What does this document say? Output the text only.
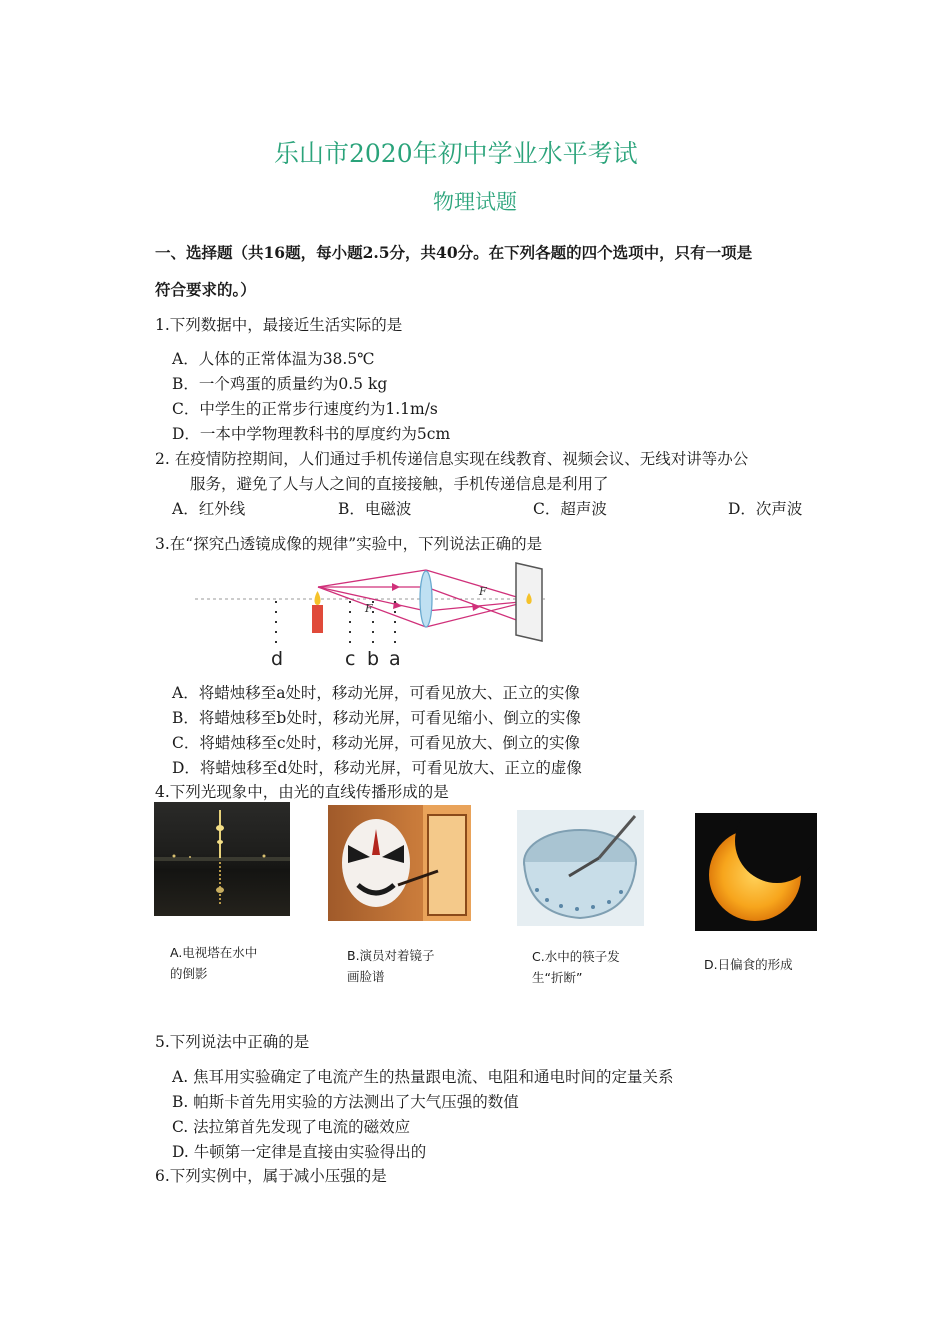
乐山市2020年初中学业水平考试
物理试题
一、选择题（共16题，每小题2.5分，共40分。在下列各题的四个选项中，只有一项是
符合要求的。）
1.下列数据中，最接近生活实际的是
A．人体的正常体温为38.5℃
B．一个鸡蛋的质量约为0.5 kg
C．中学生的正常步行速度约为1.1m/s
D．一本中学物理教科书的厚度约为5cm
2. 在疫情防控期间，人们通过手机传递信息实现在线教育、视频会议、无线对讲等办公
服务，避免了人与人之间的直接接触，手机传递信息是利用了
A．红外线	B．电磁波	C．超声波	D．次声波
3.在“探究凸透镜成像的规律”实验中，下列说法正确的是
F
F
d	c b a
A．将蜡烛移至a处时，移动光屏，可看见放大、正立的实像
B．将蜡烛移至b处时，移动光屏，可看见缩小、倒立的实像
C．将蜡烛移至c处时，移动光屏，可看见放大、倒立的实像
D．将蜡烛移至d处时，移动光屏，可看见放大、正立的虚像
4.下列光现象中，由光的直线传播形成的是
A.电视塔在水中
的倒影
B.演员对着镜子
画脸谱
C.水中的筷子发
生“折断”
D.日偏食的形成
5.下列说法中正确的是
A. 焦耳用实验确定了电流产生的热量跟电流、电阻和通电时间的定量关系
B. 帕斯卡首先用实验的方法测出了大气压强的数值
C. 法拉第首先发现了电流的磁效应
D. 牛顿第一定律是直接由实验得出的
6.下列实例中，属于减小压强的是
